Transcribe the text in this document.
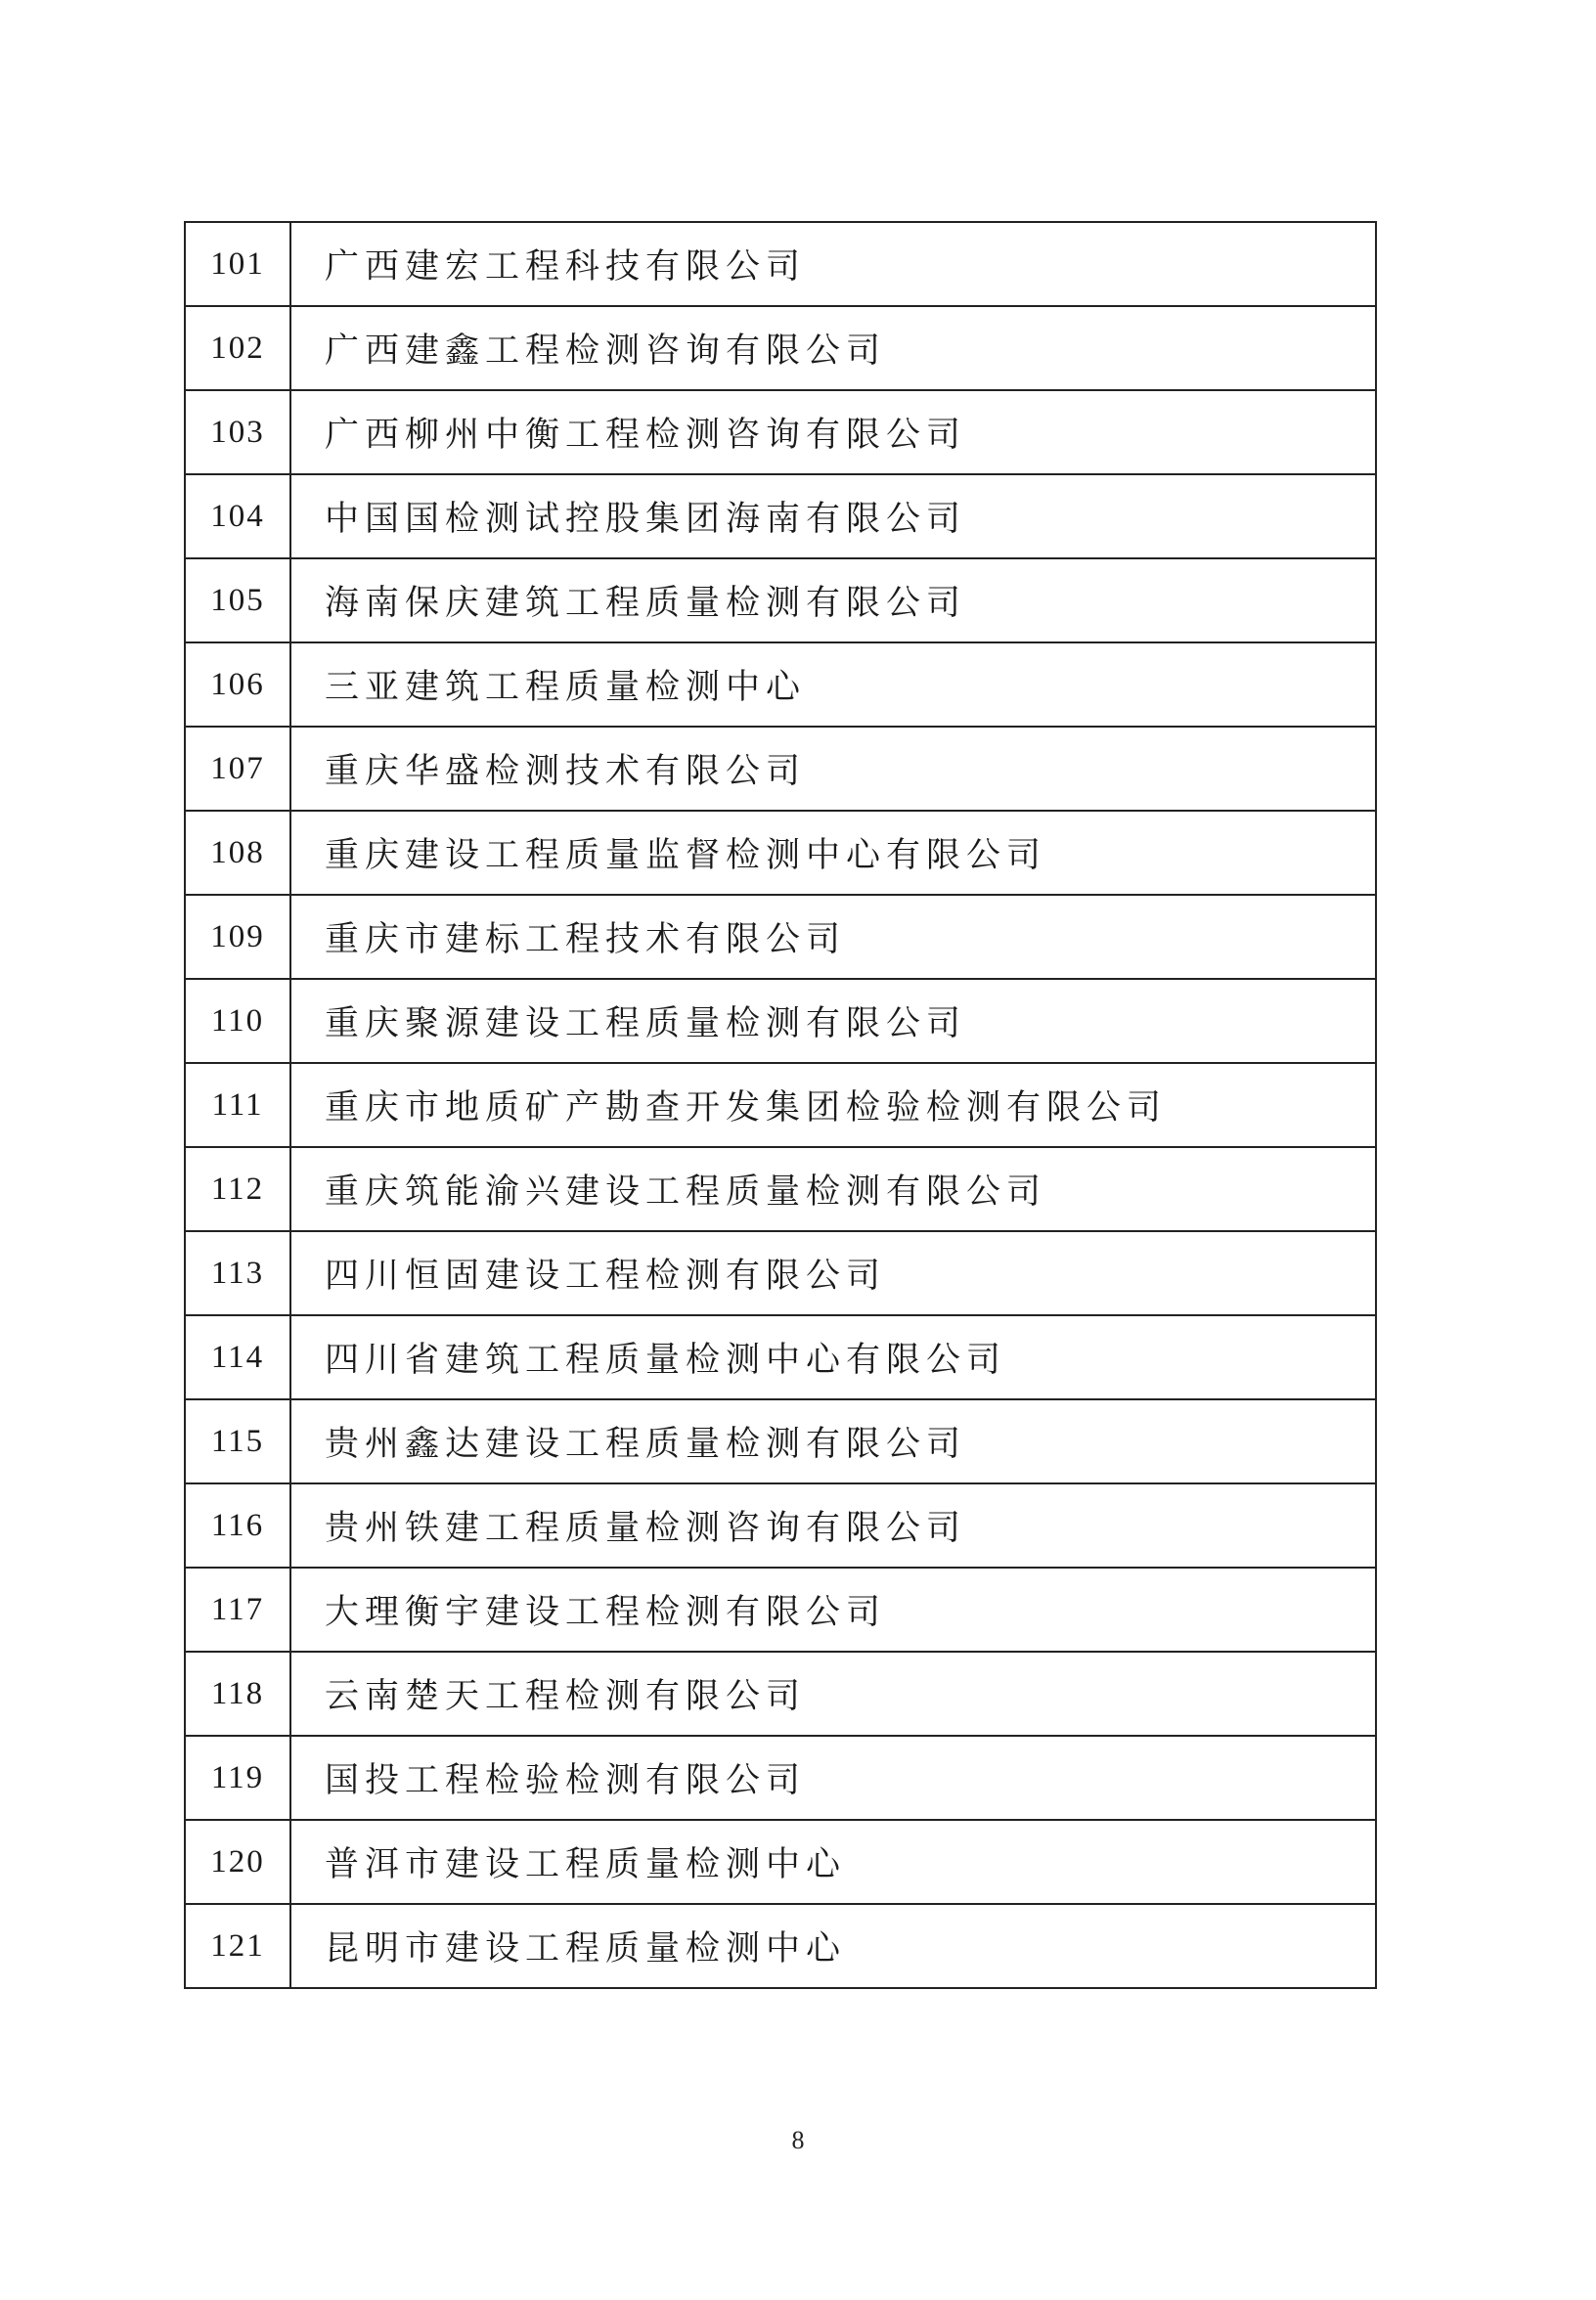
101	广西建宏工程科技有限公司
102	广西建鑫工程检测咨询有限公司
103	广西柳州中衡工程检测咨询有限公司
104	中国国检测试控股集团海南有限公司
105	海南保庆建筑工程质量检测有限公司
106	三亚建筑工程质量检测中心
107	重庆华盛检测技术有限公司
108	重庆建设工程质量监督检测中心有限公司
109	重庆市建标工程技术有限公司
110	重庆聚源建设工程质量检测有限公司
111	重庆市地质矿产勘查开发集团检验检测有限公司
112	重庆筑能渝兴建设工程质量检测有限公司
113	四川恒固建设工程检测有限公司
114	四川省建筑工程质量检测中心有限公司
115	贵州鑫达建设工程质量检测有限公司
116	贵州铁建工程质量检测咨询有限公司
117	大理衡宇建设工程检测有限公司
118	云南楚天工程检测有限公司
119	国投工程检验检测有限公司
120	普洱市建设工程质量检测中心
121	昆明市建设工程质量检测中心
8
